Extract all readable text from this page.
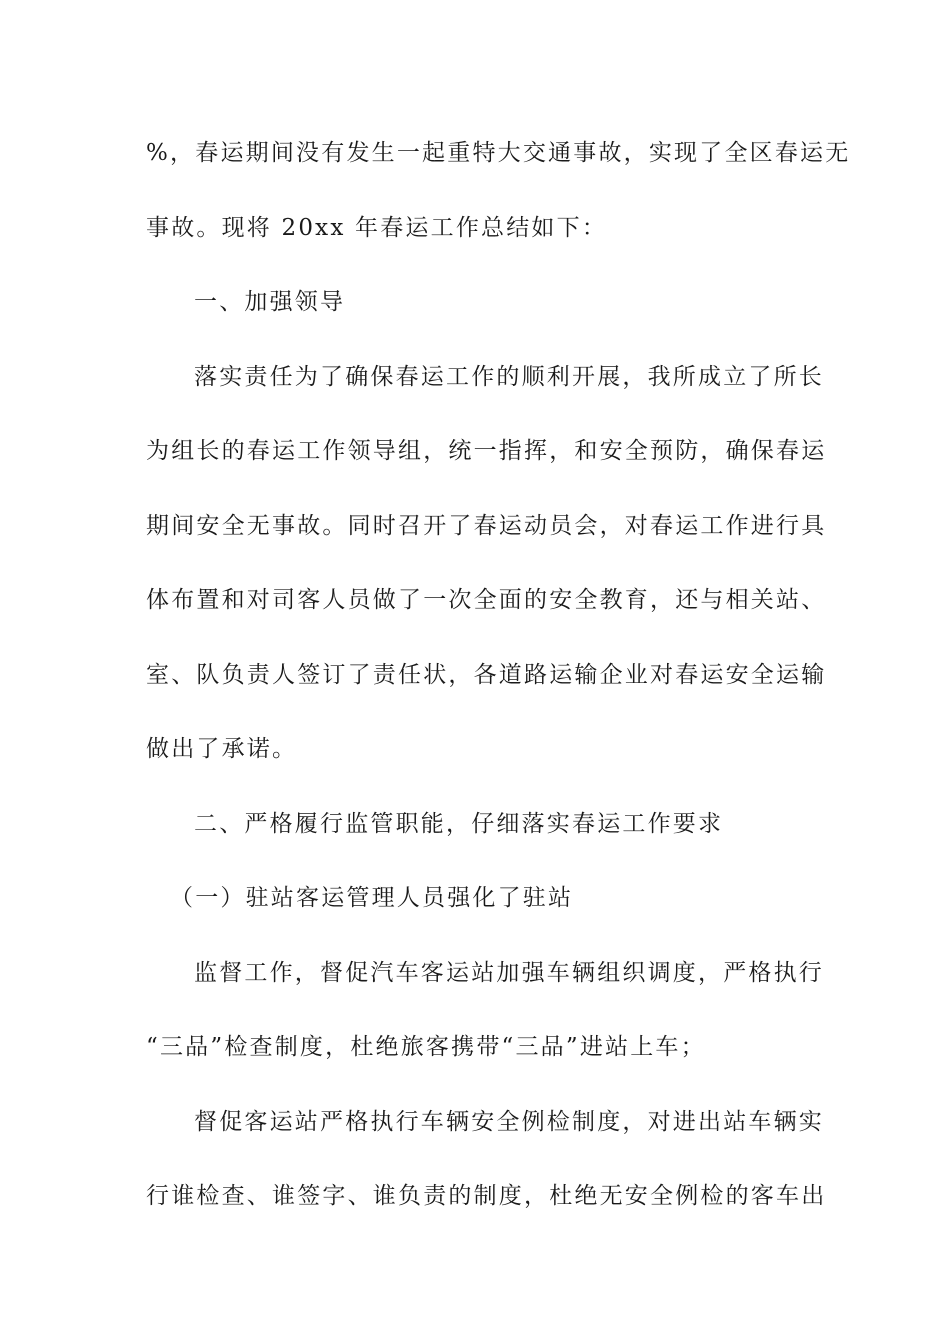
%，春运期间没有发生一起重特大交通事故，实现了全区春运无
事故。现将 20xx 年春运工作总结如下：
一、加强领导
落实责任为了确保春运工作的顺利开展，我所成立了所长
为组长的春运工作领导组，统一指挥，和安全预防，确保春运
期间安全无事故。同时召开了春运动员会，对春运工作进行具
体布置和对司客人员做了一次全面的安全教育，还与相关站、
室、队负责人签订了责任状，各道路运输企业对春运安全运输
做出了承诺。
二、严格履行监管职能，仔细落实春运工作要求
（一）驻站客运管理人员强化了驻站
监督工作，督促汽车客运站加强车辆组织调度，严格执行
“三品”检查制度，杜绝旅客携带“三品”进站上车；
督促客运站严格执行车辆安全例检制度，对进出站车辆实
行谁检查、谁签字、谁负责的制度，杜绝无安全例检的客车出
